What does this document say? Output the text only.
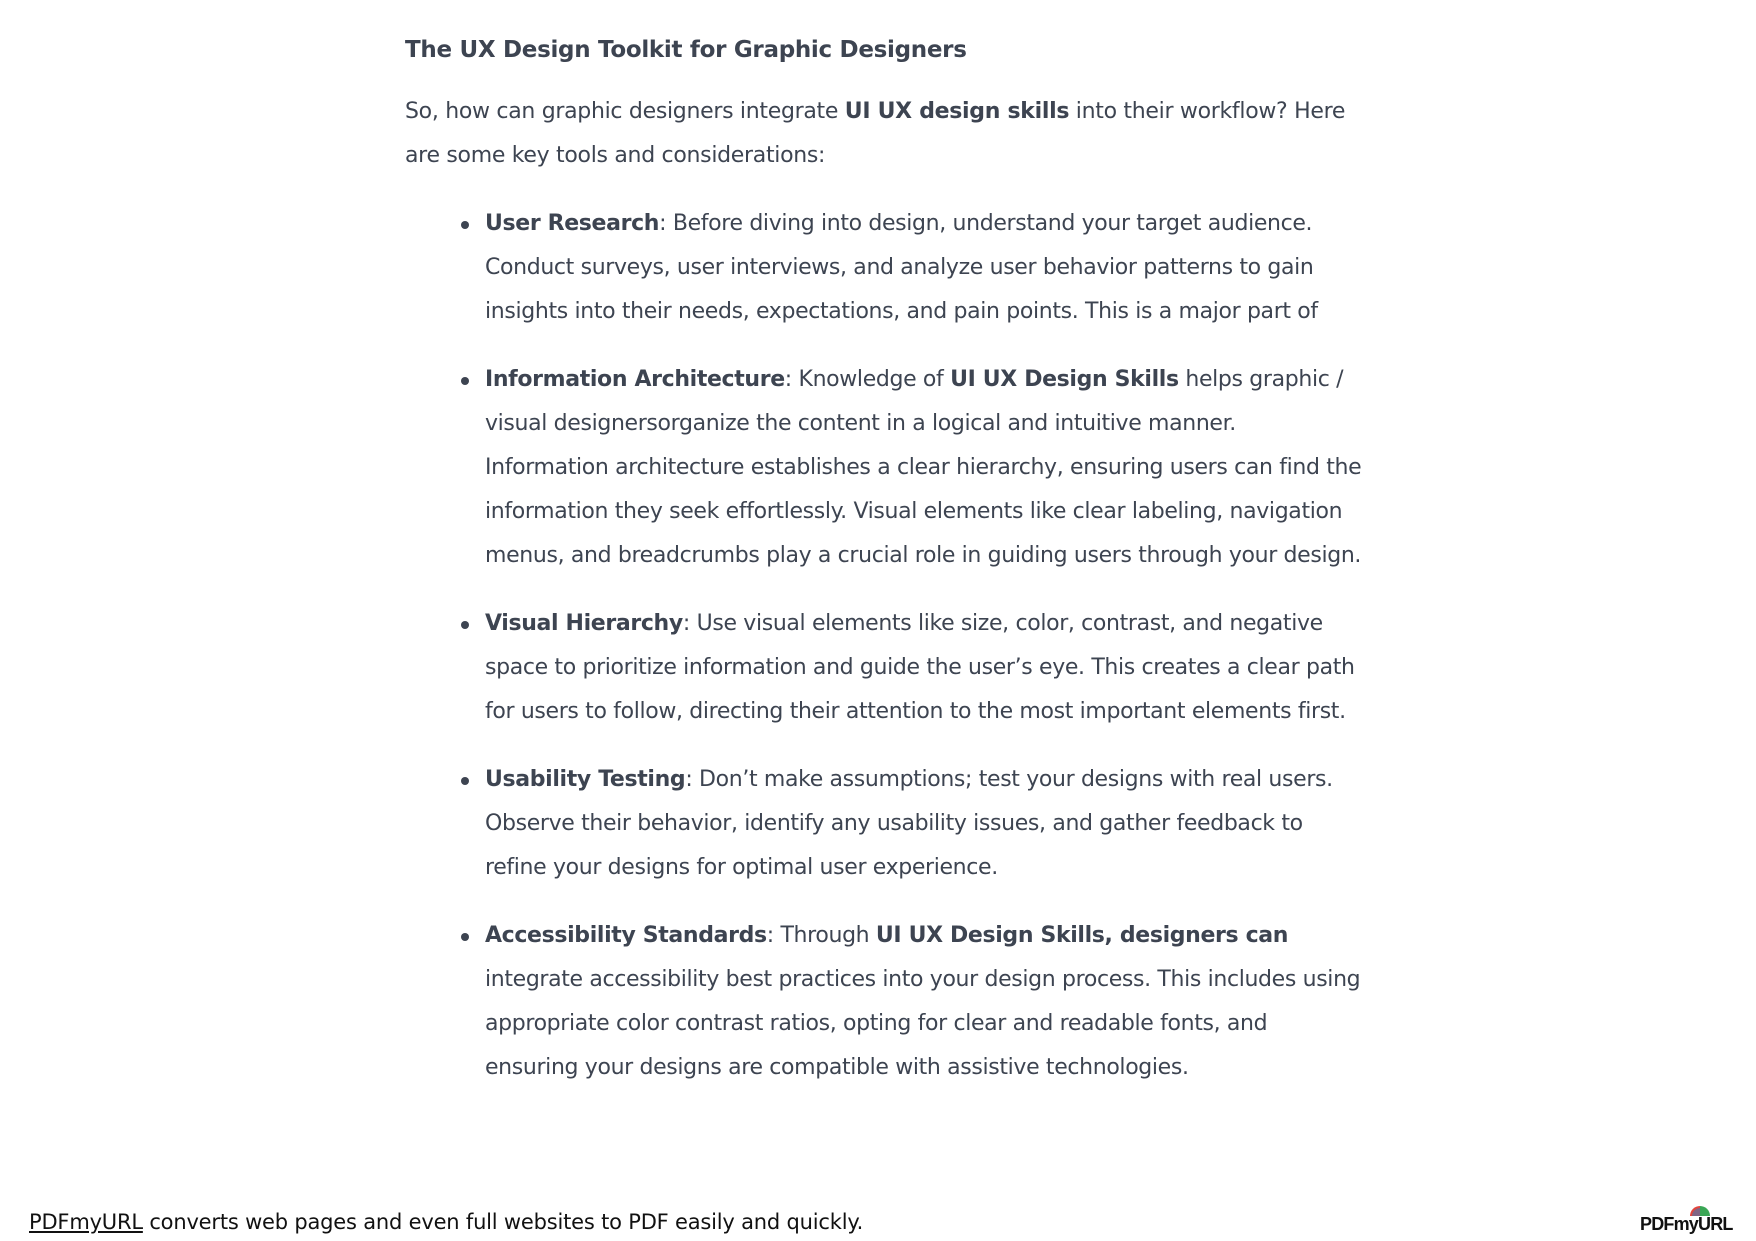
The UX Design Toolkit for Graphic Designers

So, how can graphic designers integrate UI UX design skills into their workflow? Here are some key tools and considerations:

User Research: Before diving into design, understand your target audience. Conduct surveys, user interviews, and analyze user behavior patterns to gain insights into their needs, expectations, and pain points. This is a major part of
Information Architecture: Knowledge of UI UX Design Skills helps graphic / visual designersorganize the content in a logical and intuitive manner. Information architecture establishes a clear hierarchy, ensuring users can find the information they seek effortlessly. Visual elements like clear labeling, navigation menus, and breadcrumbs play a crucial role in guiding users through your design.
Visual Hierarchy: Use visual elements like size, color, contrast, and negative space to prioritize information and guide the user’s eye. This creates a clear path for users to follow, directing their attention to the most important elements first.
Usability Testing: Don’t make assumptions; test your designs with real users. Observe their behavior, identify any usability issues, and gather feedback to refine your designs for optimal user experience.
Accessibility Standards: Through UI UX Design Skills, designers can integrate accessibility best practices into your design process. This includes using appropriate color contrast ratios, opting for clear and readable fonts, and ensuring your designs are compatible with assistive technologies.
PDFmyURL converts web pages and even full websites to PDF easily and quickly.	PDFmyURL
